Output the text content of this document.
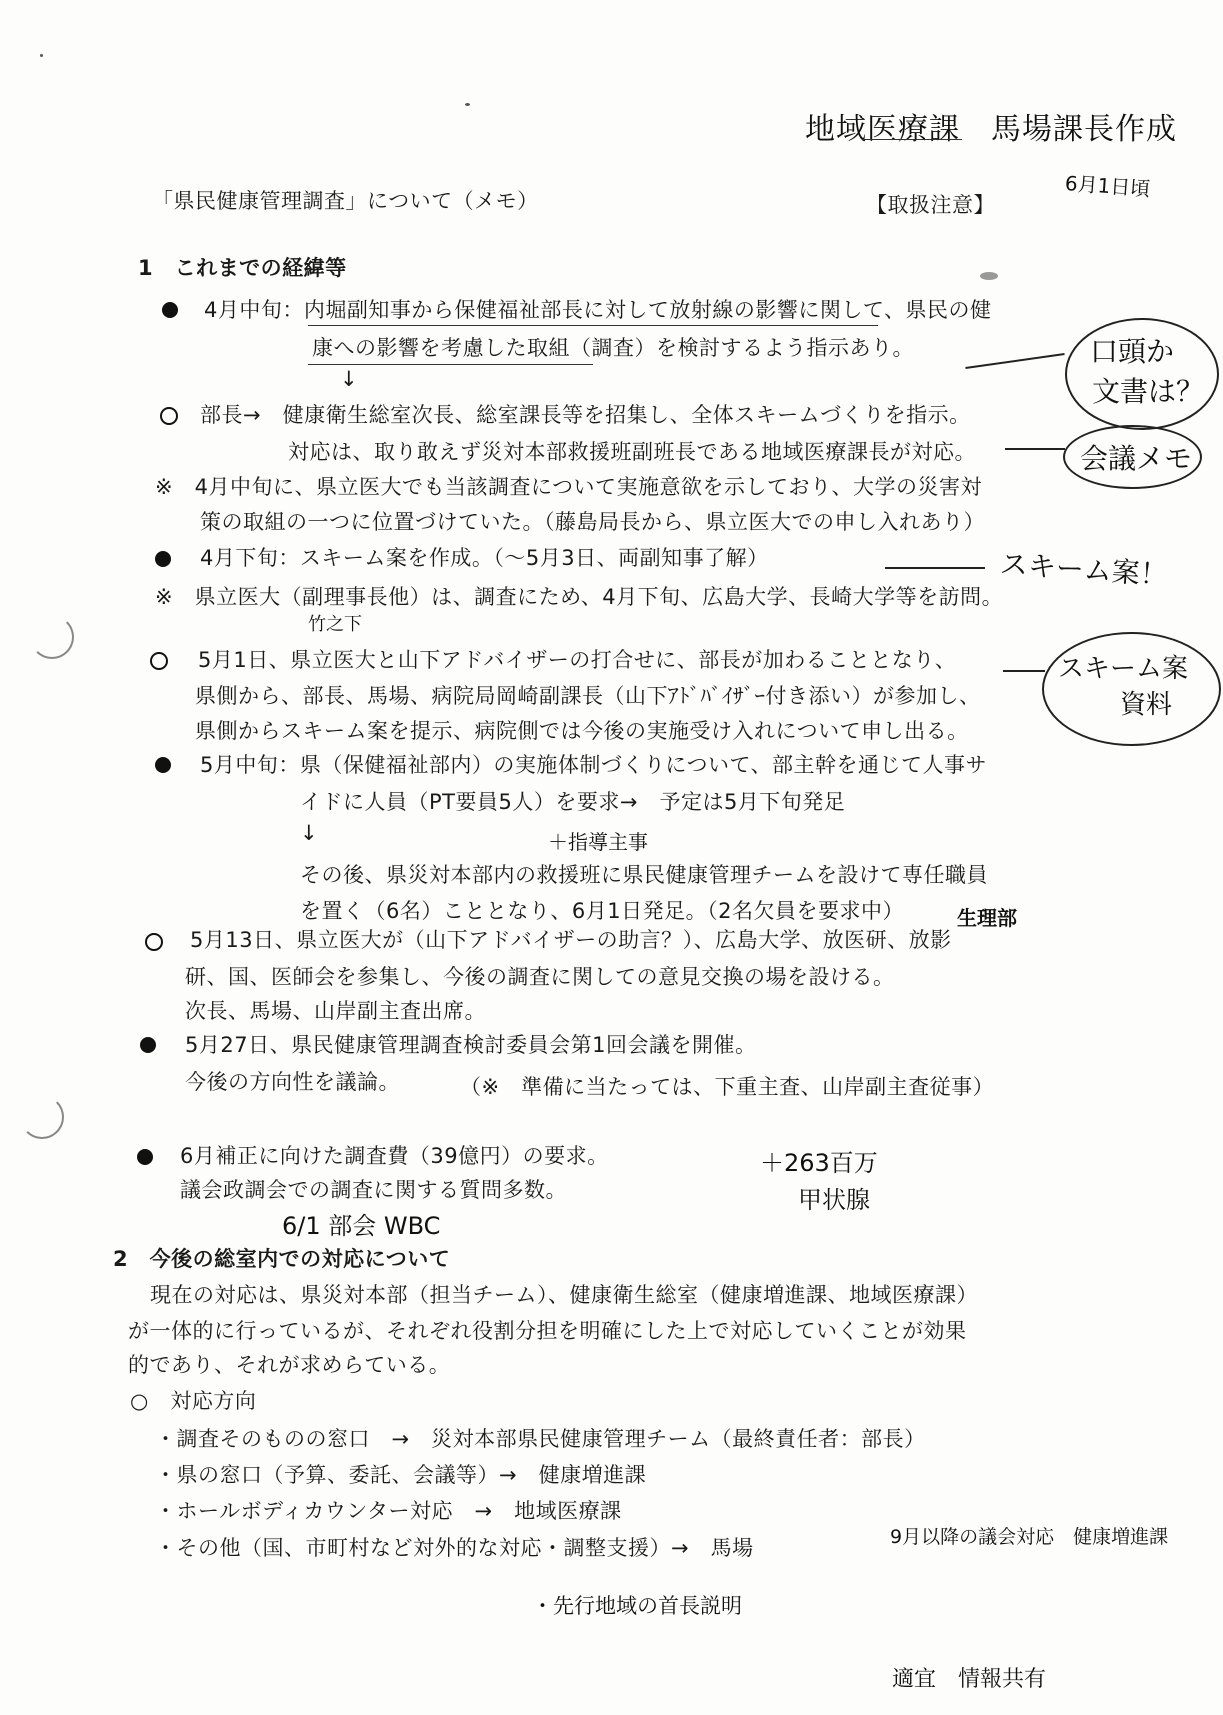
地域医療課　馬場課長作成
6月1日頃
「県民健康管理調査」について（メモ）	【取扱注意】
1　これまでの経緯等
4月中旬：内堀副知事から保健福祉部長に対して放射線の影響に関して、県民の健
康への影響を考慮した取組（調査）を検討するよう指示あり。
↓
部長→　健康衛生総室次長、総室課長等を招集し、全体スキームづくりを指示。
対応は、取り敢えず災対本部救援班副班長である地域医療課長が対応。
※　4月中旬に、県立医大でも当該調査について実施意欲を示しており、大学の災害対
策の取組の一つに位置づけていた。（藤島局長から、県立医大での申し入れあり）
4月下旬：スキーム案を作成。（～5月3日、両副知事了解）
※　県立医大（副理事長他）は、調査にため、4月下旬、広島大学、長崎大学等を訪問。
5月1日、県立医大と山下アドバイザーの打合せに、部長が加わることとなり、
県側から、部長、馬場、病院局岡崎副課長（山下ｱﾄﾞﾊﾞｲｻﾞｰ付き添い）が参加し、
県側からスキーム案を提示、病院側では今後の実施受け入れについて申し出る。
5月中旬：県（保健福祉部内）の実施体制づくりについて、部主幹を通じて人事サ
イドに人員（PT要員5人）を要求→　予定は5月下旬発足
↓
その後、県災対本部内の救援班に県民健康管理チームを設けて専任職員
を置く（6名）こととなり、6月1日発足。（2名欠員を要求中）
5月13日、県立医大が（山下アドバイザーの助言？）、広島大学、放医研、放影
研、国、医師会を参集し、今後の調査に関しての意見交換の場を設ける。
次長、馬場、山岸副主査出席。
5月27日、県民健康管理調査検討委員会第1回会議を開催。
今後の方向性を議論。	（※　準備に当たっては、下重主査、山岸副主査従事）
6月補正に向けた調査費（39億円）の要求。
議会政調会での調査に関する質問多数。
2　今後の総室内での対応について
現在の対応は、県災対本部（担当チーム）、健康衛生総室（健康増進課、地域医療課）
が一体的に行っているが、それぞれ役割分担を明確にした上で対応していくことが効果
的であり、それが求めらている。
○　対応方向
・調査そのものの窓口　→　災対本部県民健康管理チーム（最終責任者：部長）
・県の窓口（予算、委託、会議等）→　健康増進課
・ホールボディカウンター対応　→　地域医療課
・その他（国、市町村など対外的な対応・調整支援）→　馬場
口頭か
文書は？
会議メモ
スキーム案！
スキーム案
資料
竹之下
＋指導主事
生理部
＋263百万
甲状腺
6/1 部会 WBC
9月以降の議会対応　健康増進課
・先行地域の首長説明
適宜　情報共有
